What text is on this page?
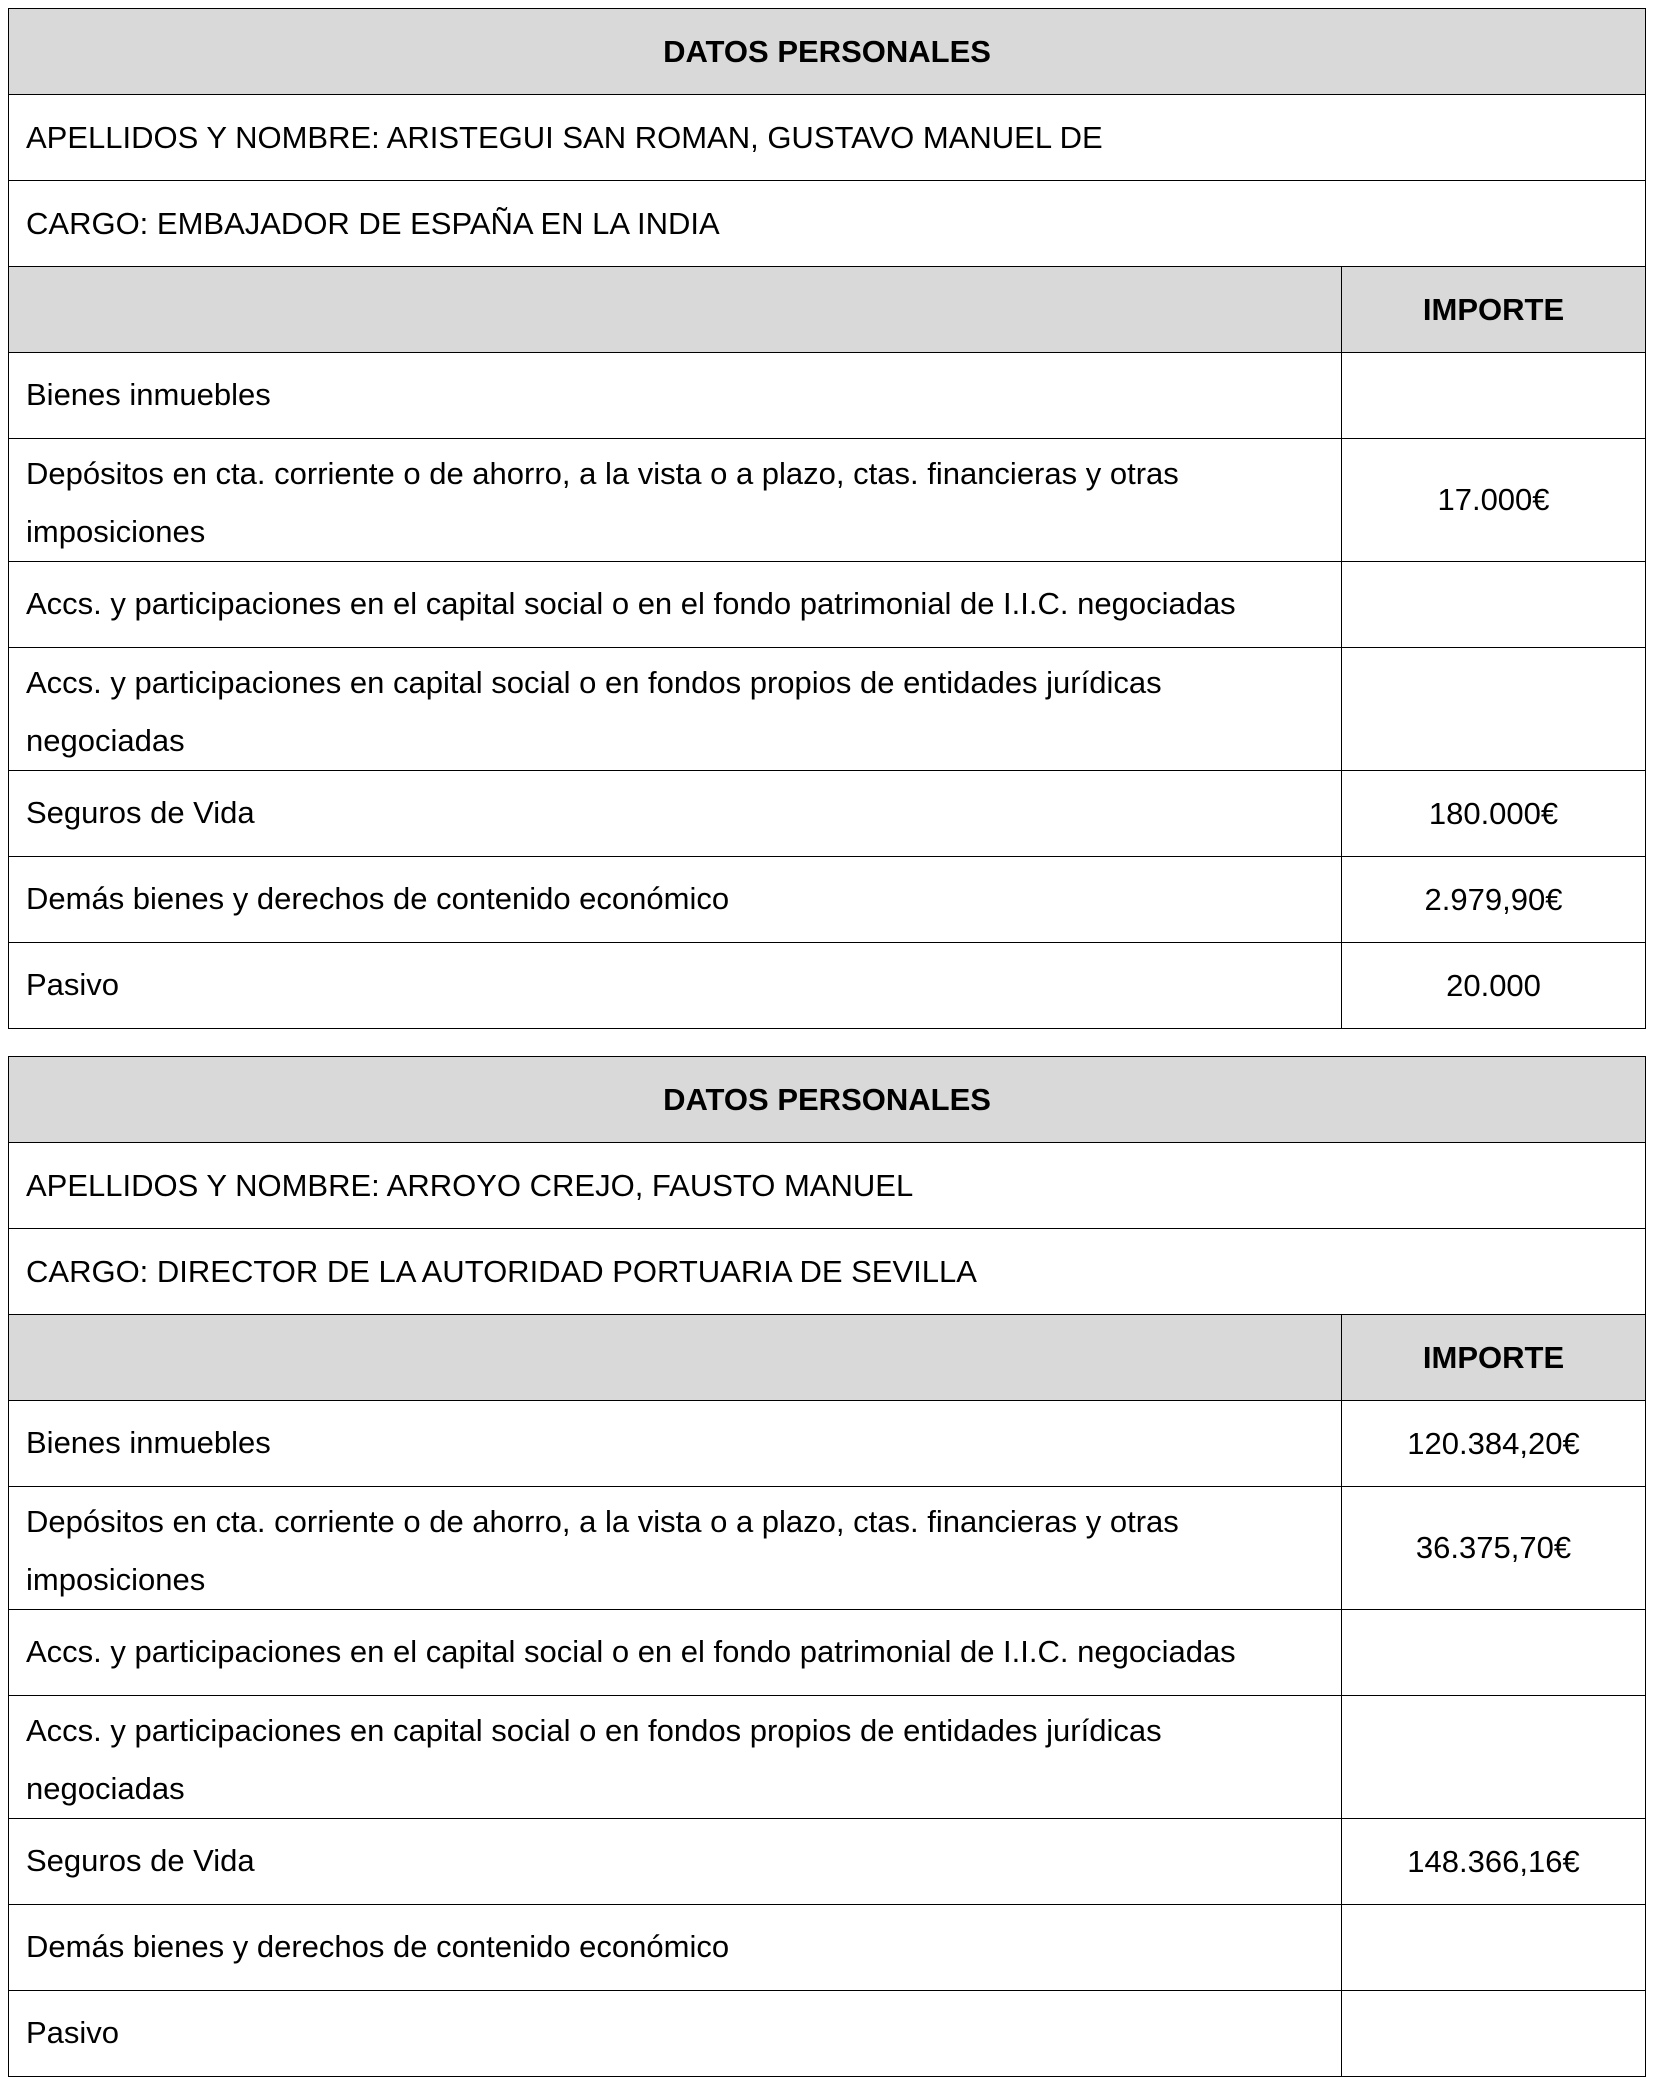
DATOS PERSONALES	
APELLIDOS Y NOMBRE: ARISTEGUI SAN ROMAN, GUSTAVO MANUEL DE	
CARGO: EMBAJADOR DE ESPAÑA EN LA INDIA	
	IMPORTE
Bienes inmuebles	
Depósitos en cta. corriente o de ahorro, a la vista o a plazo, ctas. financieras y otras imposiciones	17.000€
Accs. y participaciones en el capital social o en el fondo patrimonial de I.I.C. negociadas	
Accs. y participaciones en capital social o en fondos propios de entidades jurídicas negociadas	
Seguros de Vida	180.000€
Demás bienes y derechos de contenido económico	2.979,90€
Pasivo	20.000
DATOS PERSONALES	
APELLIDOS Y NOMBRE: ARROYO CREJO, FAUSTO MANUEL	
CARGO: DIRECTOR DE LA AUTORIDAD PORTUARIA DE SEVILLA	
	IMPORTE
Bienes inmuebles	120.384,20€
Depósitos en cta. corriente o de ahorro, a la vista o a plazo, ctas. financieras y otras imposiciones	36.375,70€
Accs. y participaciones en el capital social o en el fondo patrimonial de I.I.C. negociadas	
Accs. y participaciones en capital social o en fondos propios de entidades jurídicas negociadas	
Seguros de Vida	148.366,16€
Demás bienes y derechos de contenido económico	
Pasivo	
